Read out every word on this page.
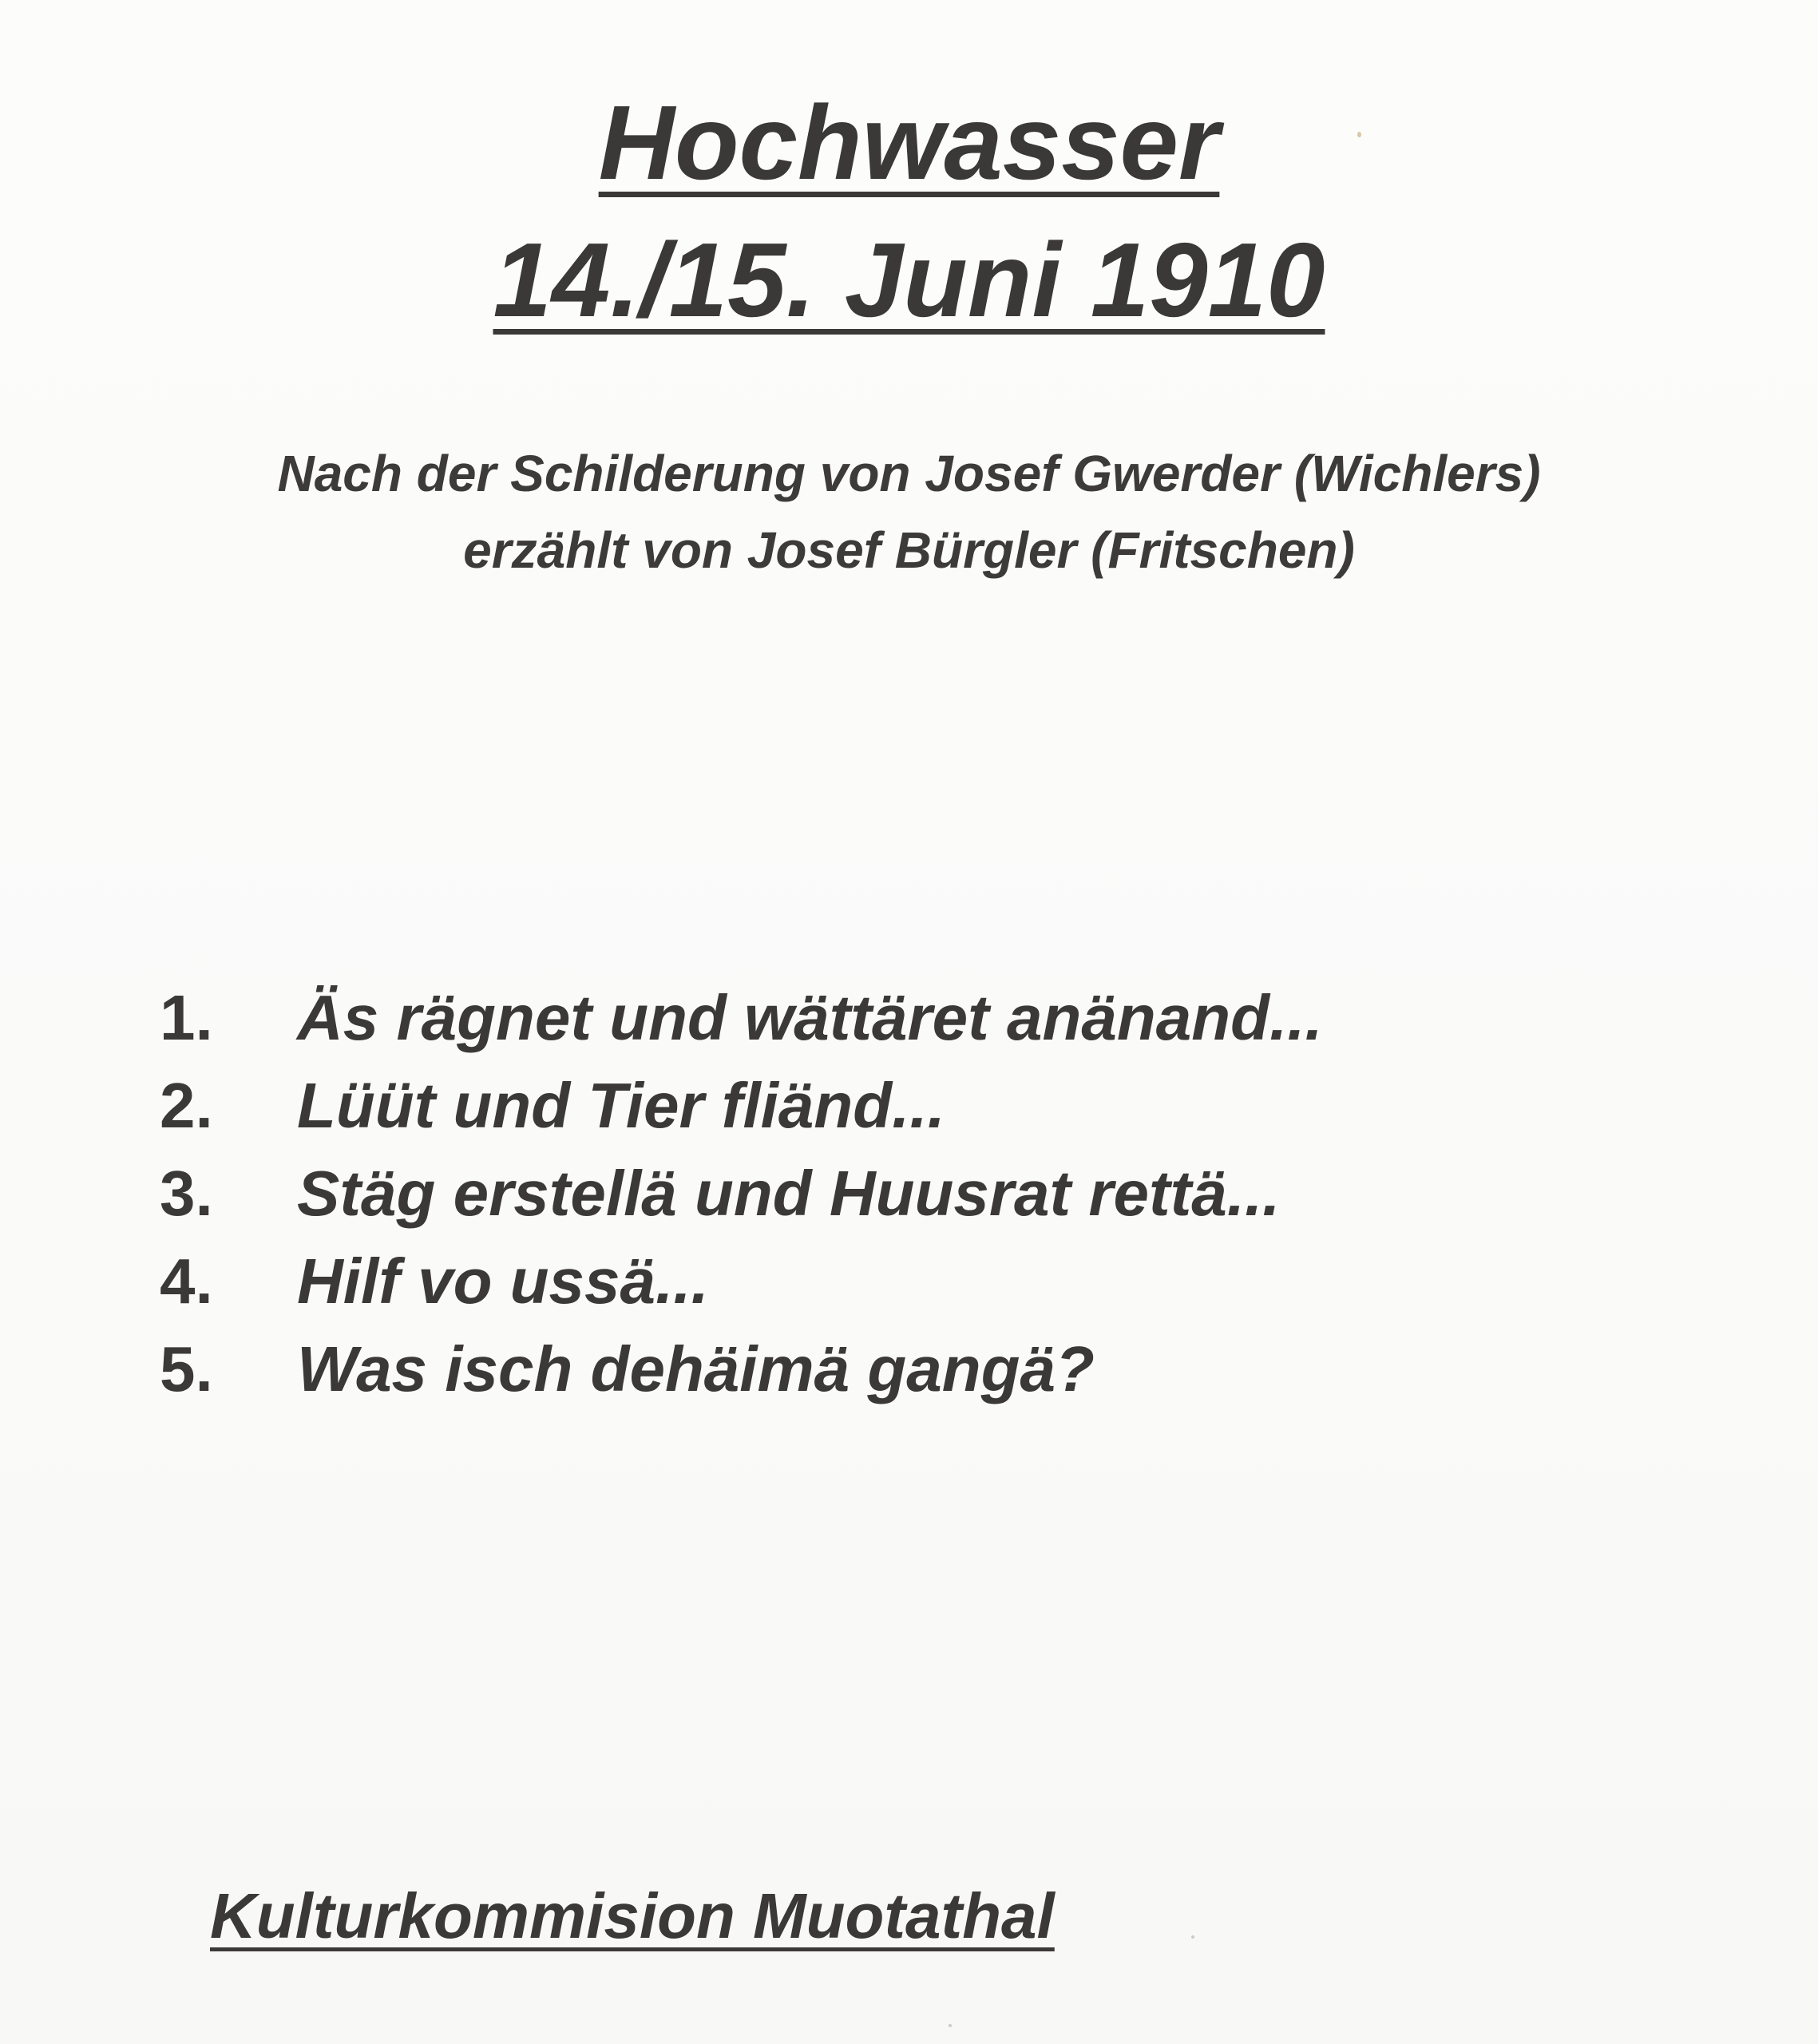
Hochwasser
14./15. Juni 1910
Nach der Schilderung von Josef Gwerder (Wichlers)
erzählt von Josef Bürgler (Fritschen)
1.	Äs rägnet und wättäret anänand...
2.	Lüüt und Tier fliänd...
3.	Stäg erstellä und Huusrat rettä...
4.	Hilf vo ussä...
5.	Was isch dehäimä gangä?
Kulturkommision Muotathal
